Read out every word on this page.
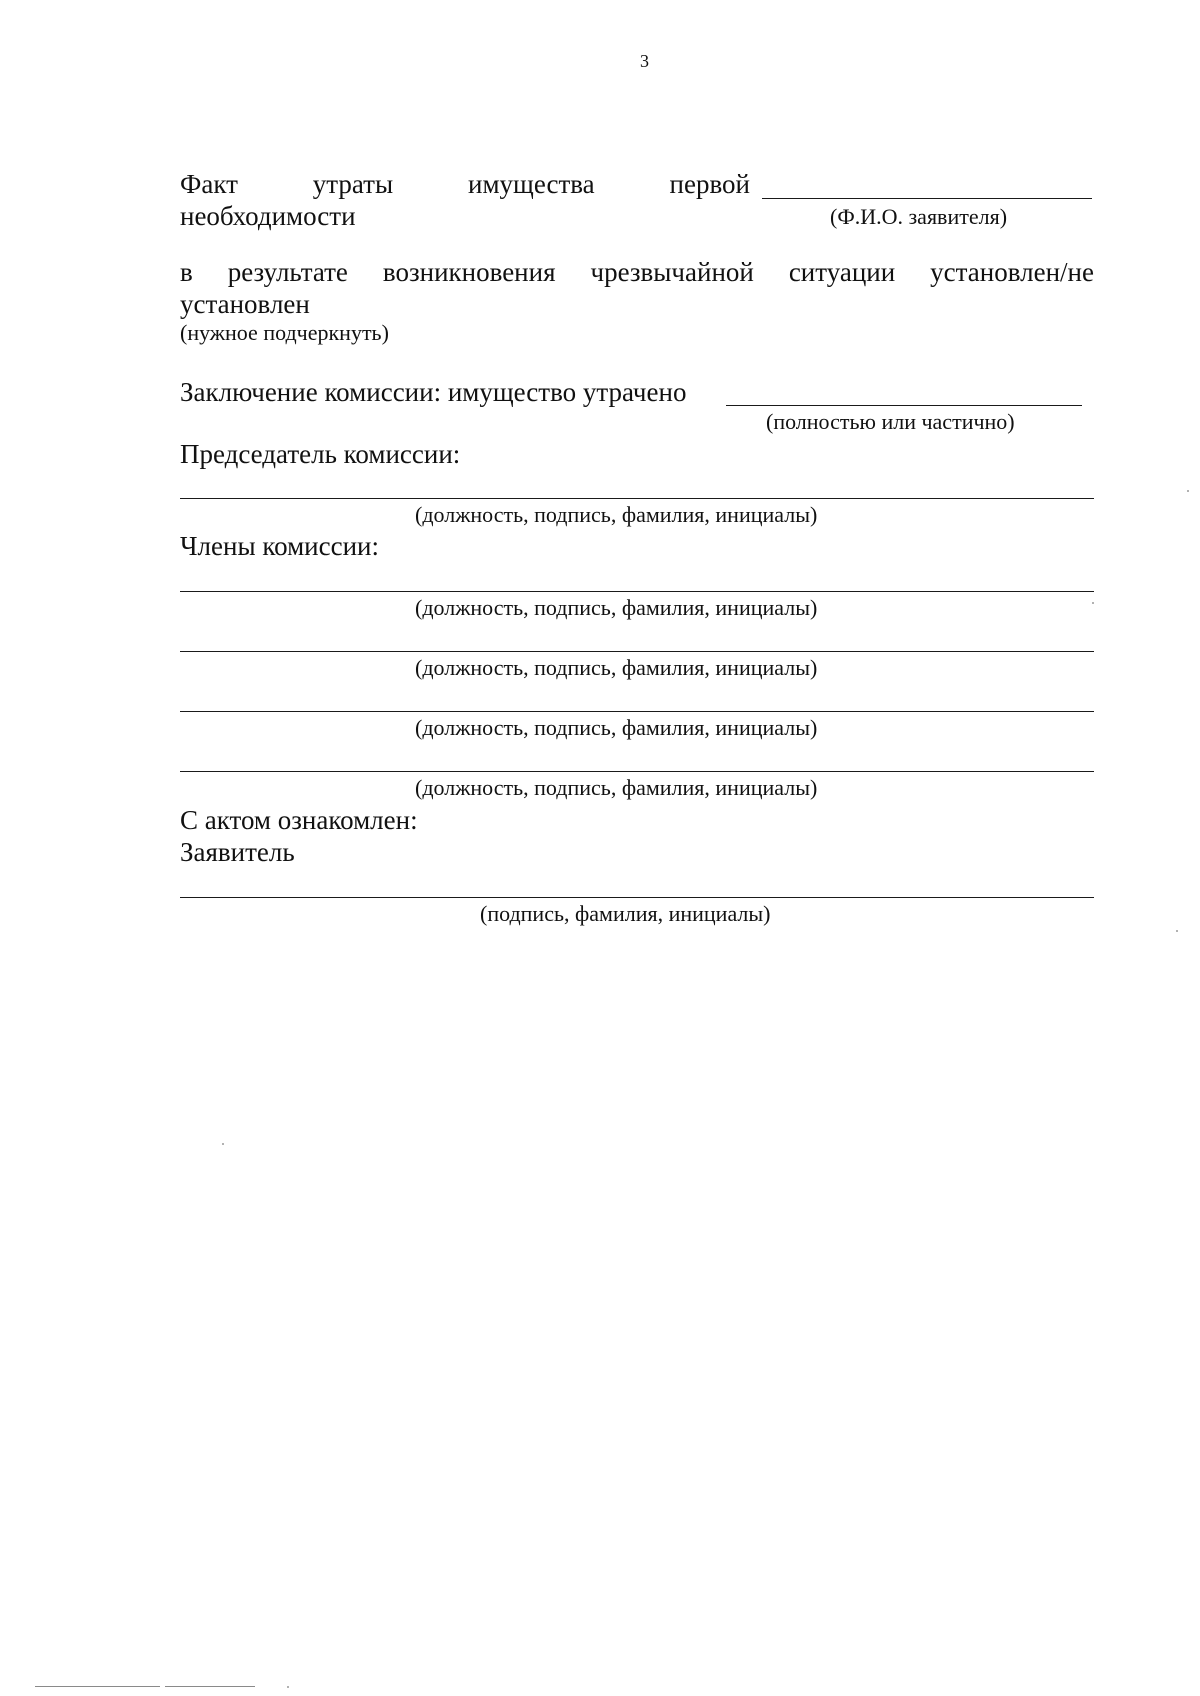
3
Факт	утраты	имущества	первой
необходимости	(Ф.И.О. заявителя)
в результате возникновения чрезвычайной ситуации установлен/не
установлен
(нужное подчеркнуть)
Заключение комиссии: имущество утрачено
(полностью или частично)
Председатель комиссии:
(должность, подпись, фамилия, инициалы)
Члены комиссии:
(должность, подпись, фамилия, инициалы)
(должность, подпись, фамилия, инициалы)
(должность, подпись, фамилия, инициалы)
(должность, подпись, фамилия, инициалы)
С актом ознакомлен:
Заявитель
(подпись, фамилия, инициалы)
